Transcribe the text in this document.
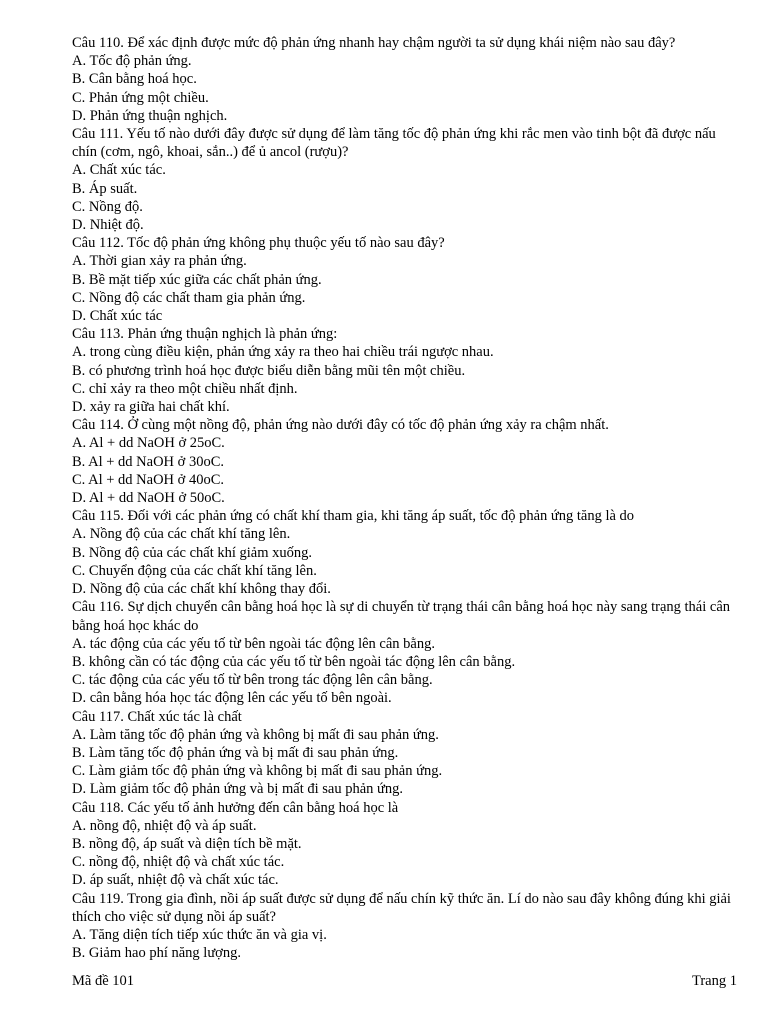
Câu 110. Để xác định được mức độ phản ứng nhanh hay chậm người ta sử dụng khái niệm nào sau đây?

A. Tốc độ phản ứng.

B. Cân bằng hoá học.

C. Phản ứng một chiều.

D. Phản ứng thuận nghịch.

Câu 111. Yếu tố nào dưới đây được sử dụng để làm tăng tốc độ phản ứng khi rắc men vào tinh bột đã được nấu chín (cơm, ngô, khoai, sắn..) để ủ ancol (rượu)?

A. Chất xúc tác.

B. Áp suất.

C. Nồng độ.

D. Nhiệt độ.

Câu 112. Tốc độ phản ứng không phụ thuộc yếu tố nào sau đây?

A. Thời gian xảy ra phản ứng.

B. Bề mặt tiếp xúc giữa các chất phản ứng.

C. Nồng độ các chất tham gia phản ứng.

D. Chất xúc tác

Câu 113. Phản ứng thuận nghịch là phản ứng:

A. trong cùng điều kiện, phản ứng xảy ra theo hai chiều trái ngược nhau.

B. có phương trình hoá học được biểu diễn bằng mũi tên một chiều.

C. chỉ xảy ra theo một chiều nhất định.

D. xảy ra giữa hai chất khí.

Câu 114. Ở cùng một nồng độ, phản ứng nào dưới đây có tốc độ phản ứng xảy ra chậm nhất.

A. Al + dd NaOH ở 25oC.

B. Al + dd NaOH ở 30oC.

C. Al + dd NaOH ở 40oC.

D. Al + dd NaOH ở 50oC.

Câu 115. Đối với các phản ứng có chất khí tham gia, khi tăng áp suất, tốc độ phản ứng tăng là do

A. Nồng độ của các chất khí tăng lên.

B. Nồng độ của các chất khí giảm xuống.

C. Chuyển động của các chất khí tăng lên.

D. Nồng độ của các chất khí không thay đổi.

Câu 116. Sự dịch chuyển cân bằng hoá học là sự di chuyển từ trạng thái cân bằng hoá học này sang trạng thái cân bằng hoá học khác do

A. tác động của các yếu tố từ bên ngoài tác động lên cân bằng.

B. không cần có tác động của các yếu tố từ bên ngoài tác động lên cân bằng.

C. tác động của các yếu tố từ bên trong tác động lên cân bằng.

D. cân bằng hóa học tác động lên các yếu tố bên ngoài.

Câu 117. Chất xúc tác là chất

A. Làm tăng tốc độ phản ứng và không bị mất đi sau phản ứng.

B. Làm tăng tốc độ phản ứng và bị mất đi sau phản ứng.

C. Làm giảm tốc độ phản ứng và không bị mất đi sau phản ứng.

D. Làm giảm tốc độ phản ứng và bị mất đi sau phản ứng.

Câu 118. Các yếu tố ảnh hưởng đến cân bằng hoá học là

A. nồng độ, nhiệt độ và áp suất.

B. nồng độ, áp suất và diện tích bề mặt.

C. nồng độ, nhiệt độ và chất xúc tác.

D. áp suất, nhiệt độ và chất xúc tác.

Câu 119. Trong gia đình, nồi áp suất được sử dụng để nấu chín kỹ thức ăn. Lí do nào sau đây không đúng khi giải thích cho việc sử dụng nồi áp suất?

A. Tăng diện tích tiếp xúc thức ăn và gia vị.

B. Giảm hao phí năng lượng.

Mã đề 101	Trang 1
